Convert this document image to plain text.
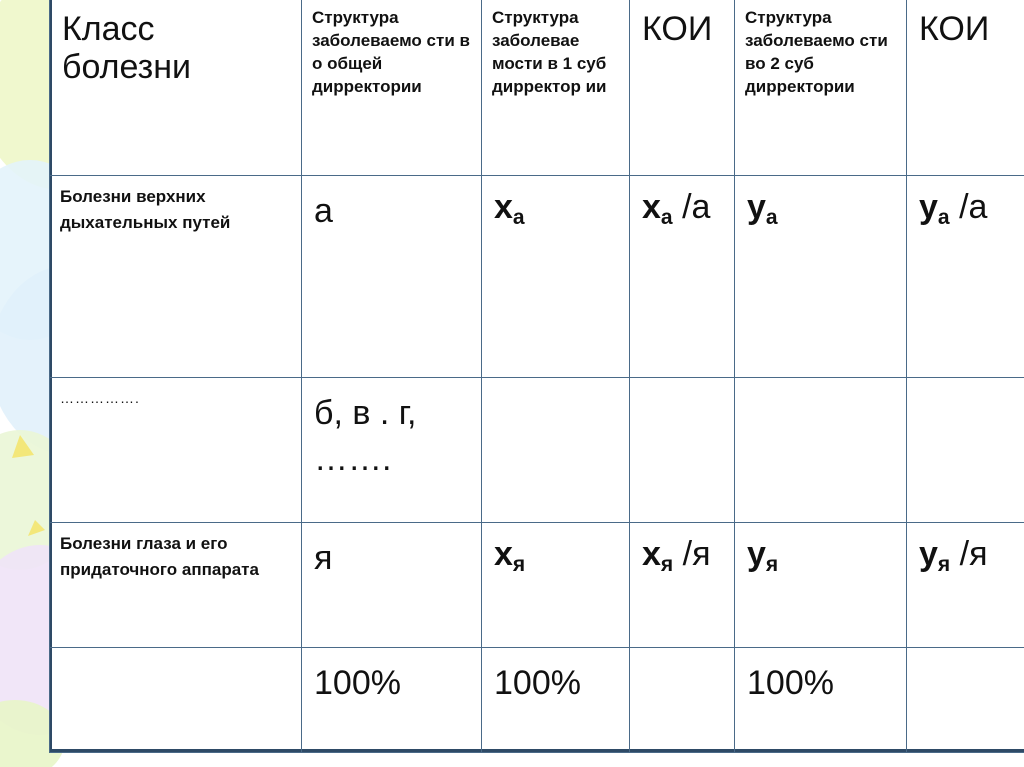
Класс болезни	Структура заболеваемо сти в о общей дирректории	Структура заболевае мости в 1 суб дирректор ии	КОИ	Структура заболеваемо сти во 2 суб дирректории	КОИ
Болезни верхних дыхательных путей	а	$х_а$	$х_а$ /а	$у_а$	$у_а$ /а
…………….	б, в . г,
…….				

Болезни глаза и его придаточного аппарата	я	$х_я$	$х_я$ /я	$у_я$	$у_я$ /я
	100%	100%		100%	
